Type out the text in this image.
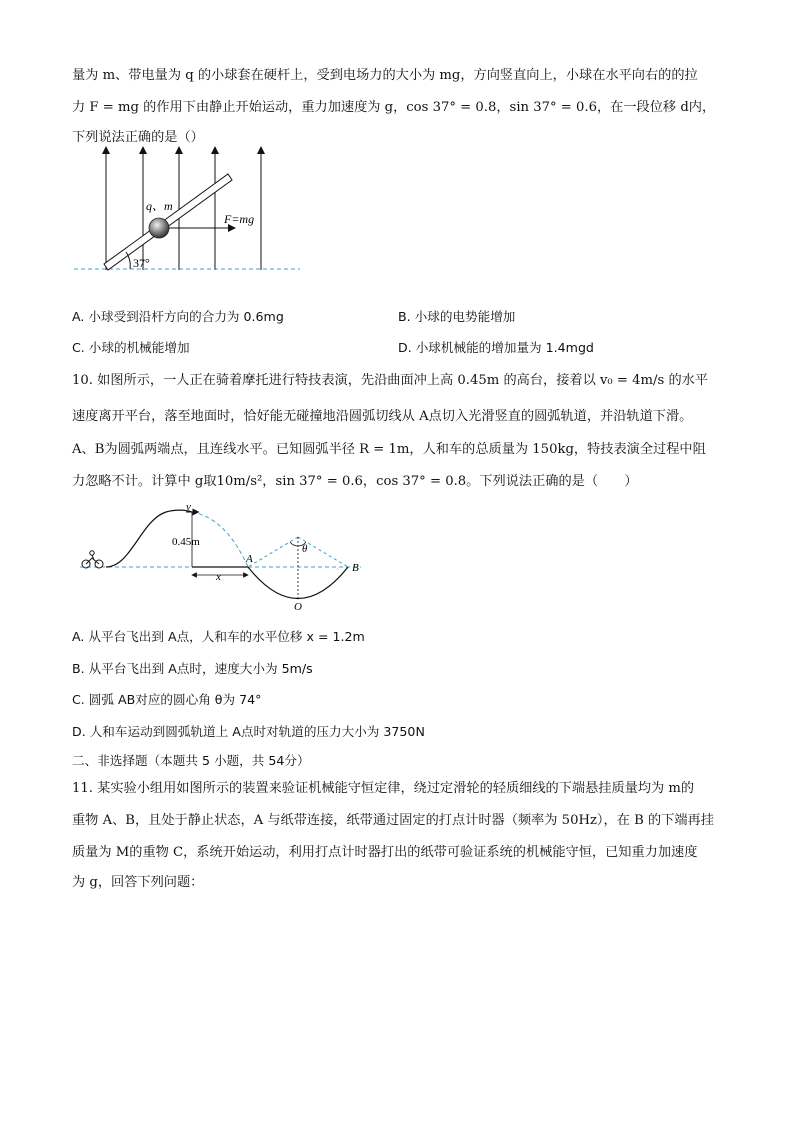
量为 m、带电量为 q 的小球套在硬杆上，受到电场力的大小为 mg，方向竖直向上，小球在水平向右的的拉
力 F = mg 的作用下由静止开始运动，重力加速度为 g，cos 37° = 0.8，sin 37° = 0.6，在一段位移 d内，
下列说法正确的是（）
37°
q、m
F=mg
A. 小球受到沿杆方向的合力为 0.6mg	B. 小球的电势能增加
C. 小球的机械能增加	D. 小球机械能的增加量为 1.4mgd
10. 如图所示，一人正在骑着摩托进行特技表演，先沿曲面冲上高 0.45m 的高台，接着以 v₀ = 4m/s 的水平
速度离开平台，落至地面时，恰好能无碰撞地沿圆弧切线从 A点切入光滑竖直的圆弧轨道，并沿轨道下滑。
A、B为圆弧两端点，且连线水平。已知圆弧半径 R = 1m，人和车的总质量为 150kg，特技表演全过程中阻
力忽略不计。计算中 g取10m/s²，sin 37° = 0.6，cos 37° = 0.8。下列说法正确的是（　　）
v
0.45m
x
θ
A
B
O
A. 从平台飞出到 A点，人和车的水平位移 x = 1.2m
B. 从平台飞出到 A点时，速度大小为 5m/s
C. 圆弧 AB对应的圆心角 θ为 74°
D. 人和车运动到圆弧轨道上 A点时对轨道的压力大小为 3750N
二、非选择题（本题共 5 小题，共 54分）
11. 某实验小组用如图所示的装置来验证机械能守恒定律，绕过定滑轮的轻质细线的下端悬挂质量均为 m的
重物 A、B，且处于静止状态，A 与纸带连接，纸带通过固定的打点计时器（频率为 50Hz），在 B 的下端再挂
质量为 M的重物 C，系统开始运动，利用打点计时器打出的纸带可验证系统的机械能守恒，已知重力加速度
为 g，回答下列问题：
